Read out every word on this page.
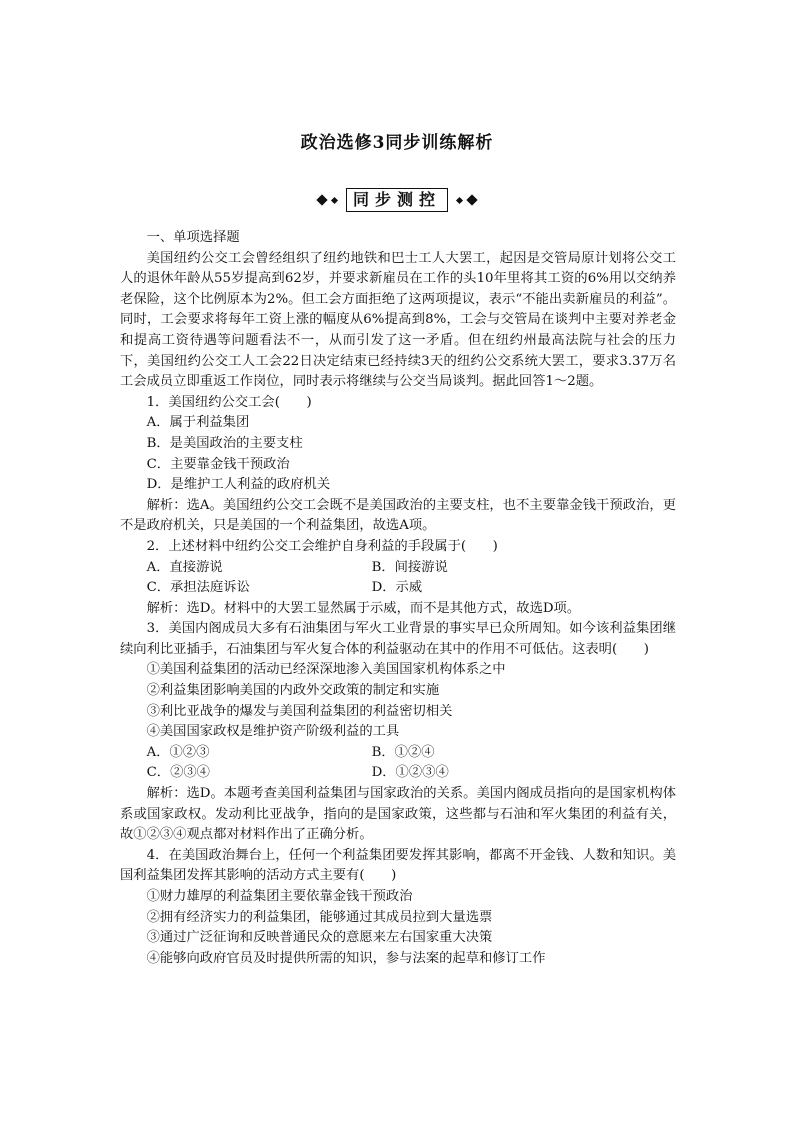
政治选修3同步训练解析
同步测控

一、单项选择题

美国纽约公交工会曾经组织了纽约地铁和巴士工人大罢工，起因是交管局原计划将公交工人的退休年龄从55岁提高到62岁，并要求新雇员在工作的头10年里将其工资的6%用以交纳养老保险，这个比例原本为2%。但工会方面拒绝了这两项提议，表示“不能出卖新雇员的利益”。同时，工会要求将每年工资上涨的幅度从6%提高到8%，工会与交管局在谈判中主要对养老金和提高工资待遇等问题看法不一，从而引发了这一矛盾。但在纽约州最高法院与社会的压力下，美国纽约公交工人工会22日决定结束已经持续3天的纽约公交系统大罢工，要求3.37万名工会成员立即重返工作岗位，同时表示将继续与公交当局谈判。据此回答1～2题。

1．美国纽约公交工会(　　)

A．属于利益集团

B．是美国政治的主要支柱

C．主要靠金钱干预政治

D．是维护工人利益的政府机关

解析：选A。美国纽约公交工会既不是美国政治的主要支柱，也不主要靠金钱干预政治，更不是政府机关，只是美国的一个利益集团，故选A项。

2．上述材料中纽约公交工会维护自身利益的手段属于(　　)

A．直接游说	B．间接游说
C．承担法庭诉讼	D．示威

解析：选D。材料中的大罢工显然属于示威，而不是其他方式，故选D项。

3．美国内阁成员大多有石油集团与军火工业背景的事实早已众所周知。如今该利益集团继续向利比亚插手，石油集团与军火复合体的利益驱动在其中的作用不可低估。这表明(　　)

①美国利益集团的活动已经深深地渗入美国国家机构体系之中

②利益集团影响美国的内政外交政策的制定和实施

③利比亚战争的爆发与美国利益集团的利益密切相关

④美国国家政权是维护资产阶级利益的工具

A．①②③	B．①②④
C．②③④	D．①②③④

解析：选D。本题考查美国利益集团与国家政治的关系。美国内阁成员指向的是国家机构体系或国家政权。发动利比亚战争，指向的是国家政策，这些都与石油和军火集团的利益有关，故①②③④观点都对材料作出了正确分析。

4．在美国政治舞台上，任何一个利益集团要发挥其影响，都离不开金钱、人数和知识。美国利益集团发挥其影响的活动方式主要有(　　)

①财力雄厚的利益集团主要依靠金钱干预政治

②拥有经济实力的利益集团，能够通过其成员拉到大量选票

③通过广泛征询和反映普通民众的意愿来左右国家重大决策

④能够向政府官员及时提供所需的知识，参与法案的起草和修订工作
